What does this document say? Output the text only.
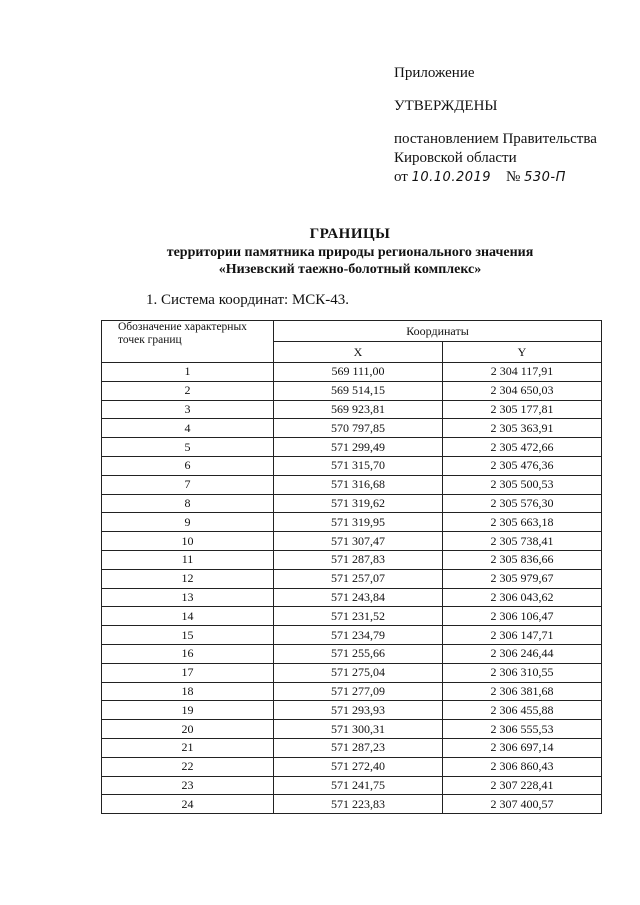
Приложение
УТВЕРЖДЕНЫ
постановлением Правительства
Кировской области
от 10.10.2019 № 530-П
ГРАНИЦЫ
территории памятника природы регионального значения
«Низевский таежно-болотный комплекс»
1. Система координат: МСК-43.
Обозначение характерных точек границ	Координаты	
	X	Y
1	569 111,00	2 304 117,91
2	569 514,15	2 304 650,03
3	569 923,81	2 305 177,81
4	570 797,85	2 305 363,91
5	571 299,49	2 305 472,66
6	571 315,70	2 305 476,36
7	571 316,68	2 305 500,53
8	571 319,62	2 305 576,30
9	571 319,95	2 305 663,18
10	571 307,47	2 305 738,41
11	571 287,83	2 305 836,66
12	571 257,07	2 305 979,67
13	571 243,84	2 306 043,62
14	571 231,52	2 306 106,47
15	571 234,79	2 306 147,71
16	571 255,66	2 306 246,44
17	571 275,04	2 306 310,55
18	571 277,09	2 306 381,68
19	571 293,93	2 306 455,88
20	571 300,31	2 306 555,53
21	571 287,23	2 306 697,14
22	571 272,40	2 306 860,43
23	571 241,75	2 307 228,41
24	571 223,83	2 307 400,57
